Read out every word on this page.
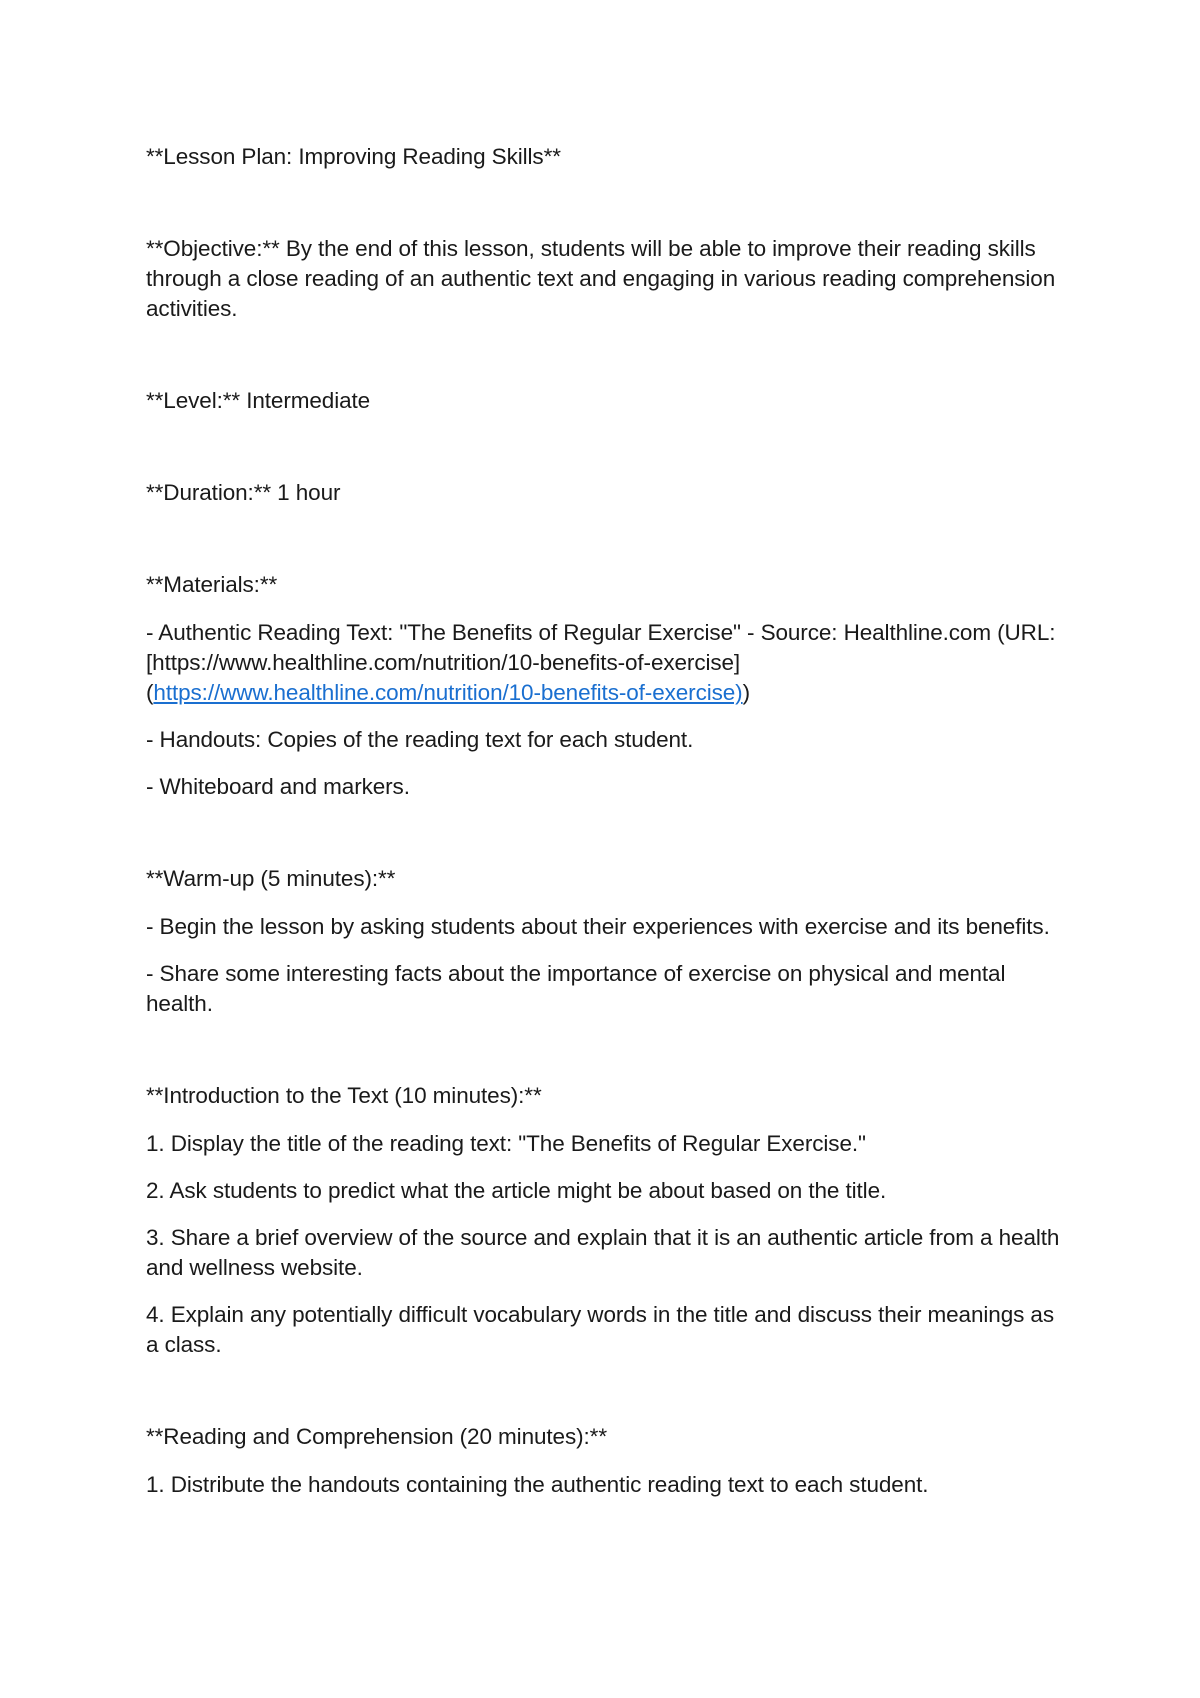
**Lesson Plan: Improving Reading Skills**

**Objective:** By the end of this lesson, students will be able to improve their reading skills through a close reading of an authentic text and engaging in various reading comprehension activities.

**Level:** Intermediate

**Duration:** 1 hour

**Materials:**

- Authentic Reading Text: "The Benefits of Regular Exercise" - Source: Healthline.com (URL: [https://www.healthline.com/nutrition/10-benefits-of-exercise] (https://www.healthline.com/nutrition/10-benefits-of-exercise))

- Handouts: Copies of the reading text for each student.

- Whiteboard and markers.

**Warm-up (5 minutes):**

- Begin the lesson by asking students about their experiences with exercise and its benefits.

- Share some interesting facts about the importance of exercise on physical and mental health.

**Introduction to the Text (10 minutes):**

1. Display the title of the reading text: "The Benefits of Regular Exercise."

2. Ask students to predict what the article might be about based on the title.

3. Share a brief overview of the source and explain that it is an authentic article from a health and wellness website.

4. Explain any potentially difficult vocabulary words in the title and discuss their meanings as a class.

**Reading and Comprehension (20 minutes):**

1. Distribute the handouts containing the authentic reading text to each student.
